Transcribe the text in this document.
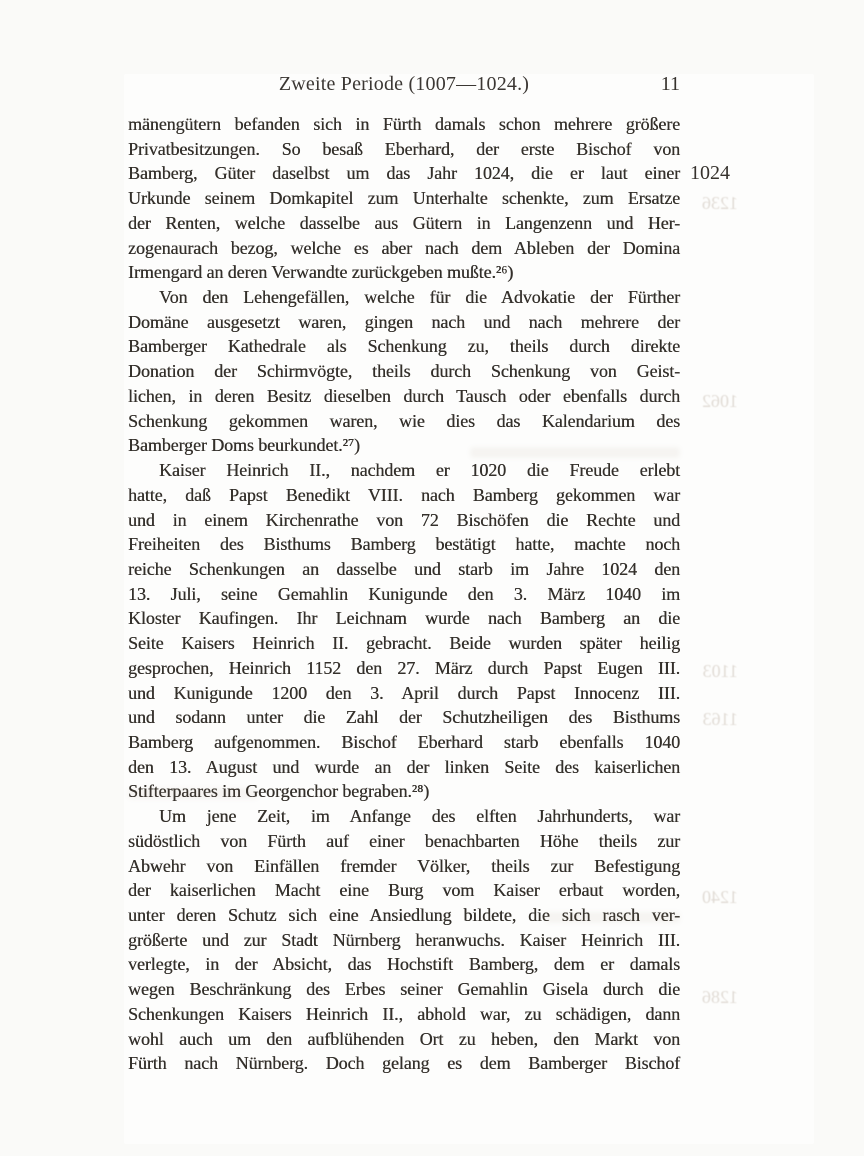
Zweite Periode (1007—1024.)	11
1024
mänengütern befanden sich in Fürth damals schon mehrere größere
Privatbesitzungen. So besaß Eberhard, der erste Bischof von
Bamberg, Güter daselbst um das Jahr 1024, die er laut einer
Urkunde seinem Domkapitel zum Unterhalte schenkte, zum Ersatze
der Renten, welche dasselbe aus Gütern in Langenzenn und Her-
zogenaurach bezog, welche es aber nach dem Ableben der Domina
Irmengard an deren Verwandte zurückgeben mußte.²⁶)
Von den Lehengefällen, welche für die Advokatie der Fürther
Domäne ausgesetzt waren, gingen nach und nach mehrere der
Bamberger Kathedrale als Schenkung zu, theils durch direkte
Donation der Schirmvögte, theils durch Schenkung von Geist-
lichen, in deren Besitz dieselben durch Tausch oder ebenfalls durch
Schenkung gekommen waren, wie dies das Kalendarium des
Bamberger Doms beurkundet.²⁷)
Kaiser Heinrich II., nachdem er 1020 die Freude erlebt
hatte, daß Papst Benedikt VIII. nach Bamberg gekommen war
und in einem Kirchenrathe von 72 Bischöfen die Rechte und
Freiheiten des Bisthums Bamberg bestätigt hatte, machte noch
reiche Schenkungen an dasselbe und starb im Jahre 1024 den
13. Juli, seine Gemahlin Kunigunde den 3. März 1040 im
Kloster Kaufingen. Ihr Leichnam wurde nach Bamberg an die
Seite Kaisers Heinrich II. gebracht. Beide wurden später heilig
gesprochen, Heinrich 1152 den 27. März durch Papst Eugen III.
und Kunigunde 1200 den 3. April durch Papst Innocenz III.
und sodann unter die Zahl der Schutzheiligen des Bisthums
Bamberg aufgenommen. Bischof Eberhard starb ebenfalls 1040
den 13. August und wurde an der linken Seite des kaiserlichen
Stifterpaares im Georgenchor begraben.²⁸)
Um jene Zeit, im Anfange des elften Jahrhunderts, war
südöstlich von Fürth auf einer benachbarten Höhe theils zur
Abwehr von Einfällen fremder Völker, theils zur Befestigung
der kaiserlichen Macht eine Burg vom Kaiser erbaut worden,
unter deren Schutz sich eine Ansiedlung bildete, die sich rasch ver-
größerte und zur Stadt Nürnberg heranwuchs. Kaiser Heinrich III.
verlegte, in der Absicht, das Hochstift Bamberg, dem er damals
wegen Beschränkung des Erbes seiner Gemahlin Gisela durch die
Schenkungen Kaisers Heinrich II., abhold war, zu schädigen, dann
wohl auch um den aufblühenden Ort zu heben, den Markt von
Fürth nach Nürnberg. Doch gelang es dem Bamberger Bischof
1236
1062
1103
1163
1240
1286
